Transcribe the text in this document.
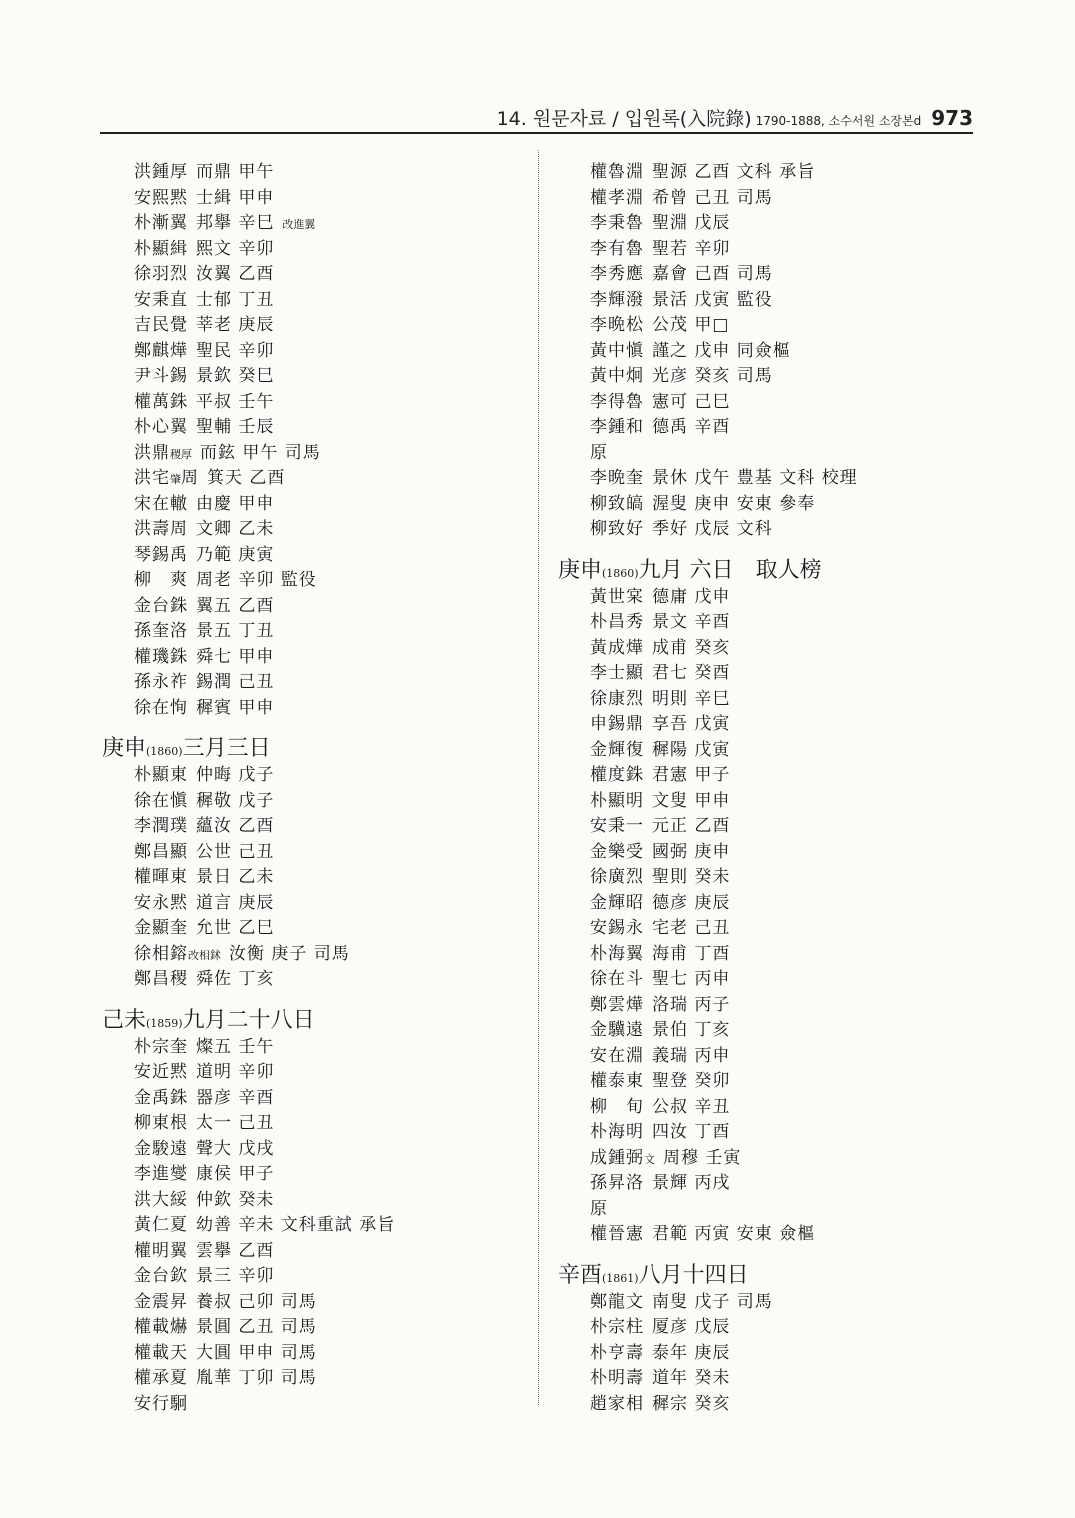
14. 원문자료 / 입원록(入院錄) 1790-1888, 소수서원 소장본d 973
洪鍾厚 而鼎 甲午
安熙黙 士緝 甲申
朴漸翼 邦擧 辛巳 改進翼
朴顯緝 熙文 辛卯
徐羽烈 汝翼 乙酉
安秉直 士郁 丁丑
吉民覺 莘老 庚辰
鄭麒燁 聖民 辛卯
尹斗錫 景欽 癸巳
權萬銖 平叔 壬午
朴心翼 聖輔 壬辰
洪鼎稷厚 而鉉 甲午 司馬
洪宅肇周 箕天 乙酉
宋在轍 由慶 甲申
洪壽周 文卿 乙未
琴錫禹 乃範 庚寅
柳　爽 周老 辛卯 監役
金台銖 翼五 乙酉
孫奎洛 景五 丁丑
權璣銖 舜七 甲申
孫永祚 錫潤 己丑
徐在恂 穉賓 甲申
庚申(1860)三月三日
朴顯東 仲晦 戊子
徐在愼 穉敬 戊子
李潤璞 蘊汝 乙酉
鄭昌顯 公世 己丑
權暉東 景日 乙未
安永黙 道言 庚辰
金顯奎 允世 乙巳
徐相鎔改相鉥 汝衡 庚子 司馬
鄭昌稷 舜佐 丁亥
己未(1859)九月二十八日
朴宗奎 燦五 壬午
安近黙 道明 辛卯
金禹銖 器彦 辛酉
柳東根 太一 己丑
金駿遠 聲大 戊戌
李進燮 康侯 甲子
洪大綏 仲欽 癸未
黃仁夏 幼善 辛未 文科重試 承旨
權明翼 雲擧 乙酉
金台欽 景三 辛卯
金震昇 養叔 己卯 司馬
權載爀 景圓 乙丑 司馬
權載天 大圓 甲申 司馬
權承夏 胤華 丁卯 司馬
安行駉
權魯淵 聖源 乙酉 文科 承旨
權孝淵 希曾 己丑 司馬
李秉魯 聖淵 戊辰
李有魯 聖若 辛卯
李秀應 嘉會 己酉 司馬
李輝潑 景活 戊寅 監役
李晩松 公茂 甲□
黃中愼 謹之 戊申 同僉樞
黃中炯 光彦 癸亥 司馬
李得魯 憲可 己巳
李鍾和 德禹 辛酉
原
李晩奎 景休 戊午 豊基 文科 校理
柳致皜 渥叟 庚申 安東 參奉
柳致好 季好 戊辰 文科
庚申(1860)九月 六日　取人榜
黃世宲 德庸 戊申
朴昌秀 景文 辛酉
黃成燁 成甫 癸亥
李士顯 君七 癸酉
徐康烈 明則 辛巳
申錫鼎 享吾 戊寅
金輝復 穉陽 戊寅
權度銖 君憲 甲子
朴顯明 文叟 甲申
安秉一 元正 乙酉
金樂受 國弼 庚申
徐廣烈 聖則 癸未
金輝昭 德彦 庚辰
安錫永 宅老 己丑
朴海翼 海甫 丁酉
徐在斗 聖七 丙申
鄭雲燁 洛瑞 丙子
金驥遠 景伯 丁亥
安在淵 義瑞 丙申
權泰東 聖登 癸卯
柳　旬 公叔 辛丑
朴海明 四汝 丁酉
成鍾弼文 周穆 壬寅
孫昇洛 景輝 丙戌
原
權晉憲 君範 丙寅 安東 僉樞
辛酉(1861)八月十四日
鄭龍文 南叟 戊子 司馬
朴宗柱 厦彦 戊辰
朴亨壽 泰年 庚辰
朴明壽 道年 癸未
趙家相 穉宗 癸亥
